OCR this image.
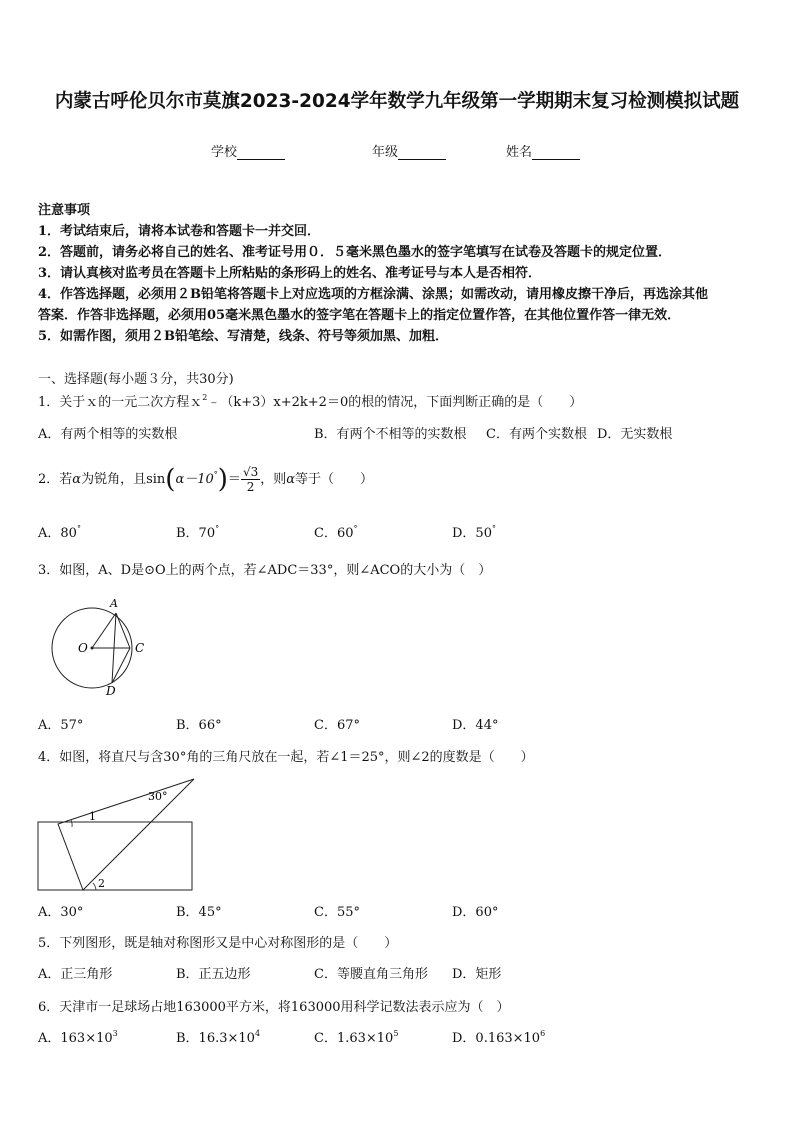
内蒙古呼伦贝尔市莫旗2023-2024学年数学九年级第一学期期末复习检测模拟试题
学校	年级	姓名
注意事项
1．考试结束后，请将本试卷和答题卡一并交回．
2．答题前，请务必将自己的姓名、准考证号用０．５毫米黑色墨水的签字笔填写在试卷及答题卡的规定位置．
3．请认真核对监考员在答题卡上所粘贴的条形码上的姓名、准考证号与本人是否相符．
4．作答选择题，必须用２B铅笔将答题卡上对应选项的方框涂满、涂黑；如需改动，请用橡皮擦干净后，再选涂其他
答案．作答非选择题，必须用05毫米黑色墨水的签字笔在答题卡上的指定位置作答，在其他位置作答一律无效．
5．如需作图，须用２B铅笔绘、写清楚，线条、符号等须加黑、加粗．
一、选择题(每小题３分，共30分)
1．关于ｘ的一元二次方程ｘ$^2$﹣（k+3）x+2k+2＝0的根的情况，下面判断正确的是（　　）
A．有两个相等的实数根	B．有两个不相等的实数根 C．有两个实数根 D．无实数根
2．若α为锐角，且$\sin(\alpha-10^\circ)= \frac{√3}{2}$ ，则α等于（　　）
A．80°	B．70°	C．60°	D．50°
3．如图，A、D是⊙O上的两个点，若∠ADC＝33°，则∠ACO的大小为（　）
A
O	C
D
A．57°	B．66°	C．67°	D．44°
4．如图，将直尺与含30°角的三角尺放在一起，若∠1＝25°，则∠2的度数是（　　）
30°
1
2
A．30°	B．45°	C．55°	D．60°
5．下列图形，既是轴对称图形又是中心对称图形的是（　　）
A．正三角形	B．正五边形	C．等腰直角三角形 D．矩形
6．天津市一足球场占地163000平方米，将163000用科学记数法表示应为（　）
A．$163\times 10^3$	B．$16.3\times 10^4$	C．$1.63\times 10^5$	D．$0.163\times 10^6$
